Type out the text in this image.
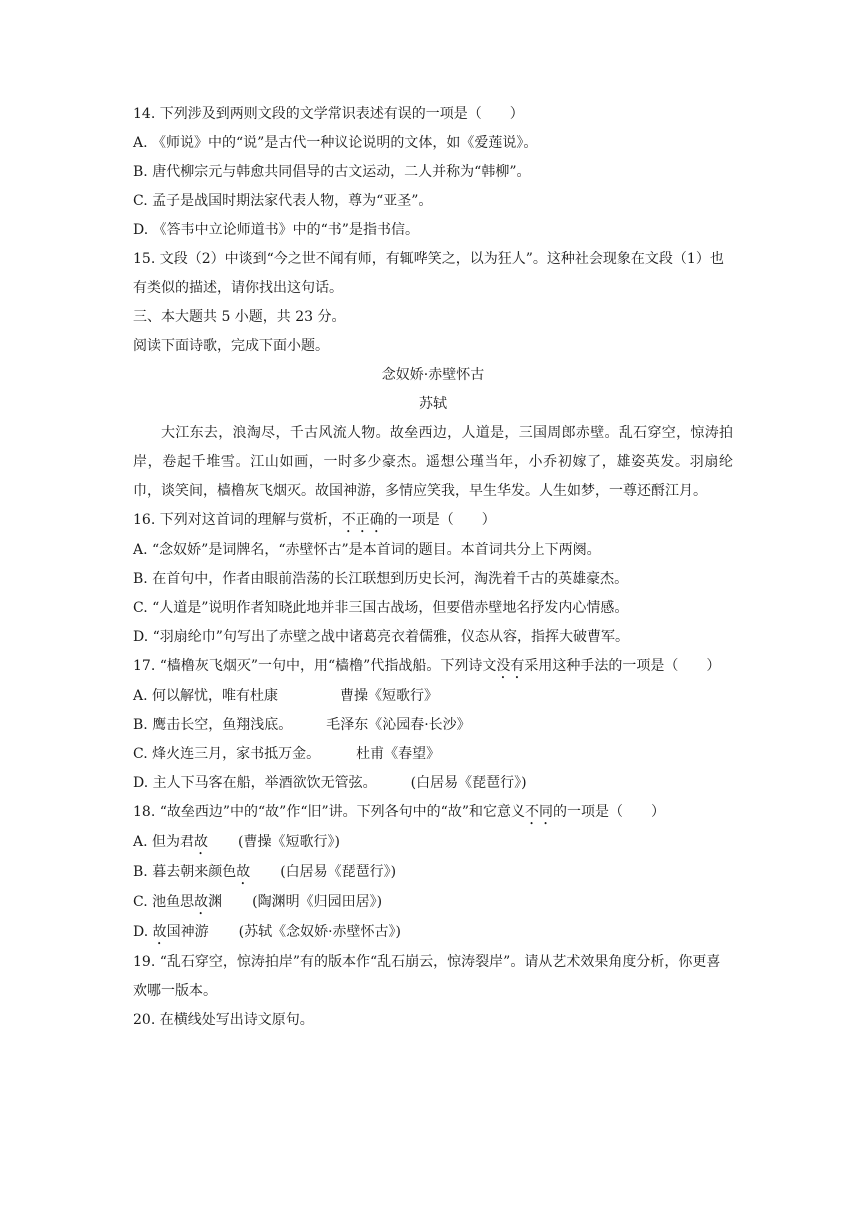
14. 下列涉及到两则文段的文学常识表述有误的一项是（　　）
A. 《师说》中的“说”是古代一种议论说明的文体，如《爱莲说》。
B. 唐代柳宗元与韩愈共同倡导的古文运动，二人并称为“韩柳”。
C. 孟子是战国时期法家代表人物，尊为“亚圣”。
D. 《答韦中立论师道书》中的“书”是指书信。
15. 文段（2）中谈到“今之世不闻有师，有辄哗笑之，以为狂人”。这种社会现象在文段（1）也有类似的描述，请你找出这句话。
三、本大题共 5 小题，共 23 分。
阅读下面诗歌，完成下面小题。
念奴娇·赤壁怀古
苏轼
大江东去，浪淘尽，千古风流人物。故垒西边，人道是，三国周郎赤壁。乱石穿空，惊涛拍岸，卷起千堆雪。江山如画，一时多少豪杰。遥想公瑾当年，小乔初嫁了，雄姿英发。羽扇纶巾，谈笑间，樯橹灰飞烟灭。故国神游，多情应笑我，早生华发。人生如梦，一尊还酹江月。
16. 下列对这首词的理解与赏析，不正确的一项是（　　）
A. “念奴娇”是词牌名，“赤壁怀古”是本首词的题目。本首词共分上下两阕。
B. 在首句中，作者由眼前浩荡的长江联想到历史长河，淘洗着千古的英雄豪杰。
C. “人道是”说明作者知晓此地并非三国古战场，但要借赤壁地名抒发内心情感。
D. “羽扇纶巾”句写出了赤壁之战中诸葛亮衣着儒雅，仪态从容，指挥大破曹军。
17. “樯橹灰飞烟灭”一句中，用“樯橹”代指战船。下列诗文没有采用这种手法的一项是（　　）
A. 何以解忧，唯有杜康	曹操《短歌行》
B. 鹰击长空，鱼翔浅底。 毛泽东《沁园春·长沙》
C. 烽火连三月，家书抵万金。	杜甫《春望》
D. 主人下马客在船，举酒欲饮无管弦。 (白居易《琵琶行》)
18. “故垒西边”中的“故”作“旧”讲。下列各句中的“故”和它意义不同的一项是（　　）
A. 但为君故 (曹操《短歌行》)
B. 暮去朝来颜色故 (白居易《琵琶行》)
C. 池鱼思故渊 (陶渊明《归园田居》)
D. 故国神游 (苏轼《念奴娇·赤壁怀古》)
19. “乱石穿空，惊涛拍岸”有的版本作“乱石崩云，惊涛裂岸”。请从艺术效果角度分析，你更喜欢哪一版本。
20. 在横线处写出诗文原句。
